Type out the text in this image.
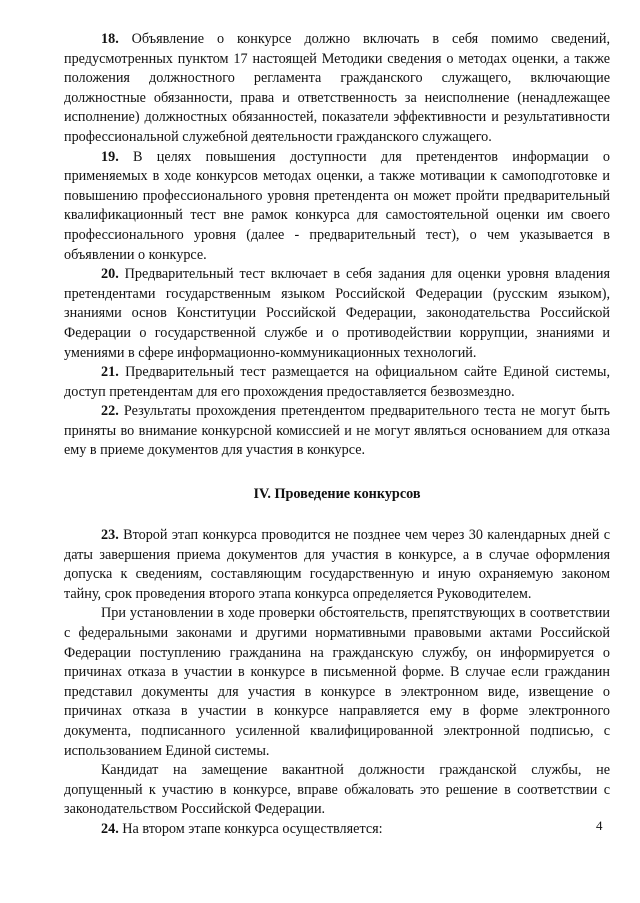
18. Объявление о конкурсе должно включать в себя помимо сведений, предусмотренных пунктом 17 настоящей Методики сведения о методах оценки, а также положения должностного регламента гражданского служащего, включающие должностные обязанности, права и ответственность за неисполнение (ненадлежащее исполнение) должностных обязанностей, показатели эффективности и результативности профессиональной служебной деятельности гражданского служащего.

19. В целях повышения доступности для претендентов информации о применяемых в ходе конкурсов методах оценки, а также мотивации к самоподготовке и повышению профессионального уровня претендента он может пройти предварительный квалификационный тест вне рамок конкурса для самостоятельной оценки им своего профессионального уровня (далее - предварительный тест), о чем указывается в объявлении о конкурсе.

20. Предварительный тест включает в себя задания для оценки уровня владения претендентами государственным языком Российской Федерации (русским языком), знаниями основ Конституции Российской Федерации, законодательства Российской Федерации о государственной службе и о противодействии коррупции, знаниями и умениями в сфере информационно-коммуникационных технологий.

21. Предварительный тест размещается на официальном сайте Единой системы, доступ претендентам для его прохождения предоставляется безвозмездно.

22. Результаты прохождения претендентом предварительного теста не могут быть приняты во внимание конкурсной комиссией и не могут являться основанием для отказа ему в приеме документов для участия в конкурсе.

IV. Проведение конкурсов

23. Второй этап конкурса проводится не позднее чем через 30 календарных дней с даты завершения приема документов для участия в конкурсе, а в случае оформления допуска к сведениям, составляющим государственную и иную охраняемую законом тайну, срок проведения второго этапа конкурса определяется Руководителем.

При установлении в ходе проверки обстоятельств, препятствующих в соответствии с федеральными законами и другими нормативными правовыми актами Российской Федерации поступлению гражданина на гражданскую службу, он информируется о причинах отказа в участии в конкурсе в письменной форме. В случае если гражданин представил документы для участия в конкурсе в электронном виде, извещение о причинах отказа в участии в конкурсе направляется ему в форме электронного документа, подписанного усиленной квалифицированной электронной подписью, с использованием Единой системы.

Кандидат на замещение вакантной должности гражданской службы, не допущенный к участию в конкурсе, вправе обжаловать это решение в соответствии с законодательством Российской Федерации.

24. На втором этапе конкурса осуществляется:	4
